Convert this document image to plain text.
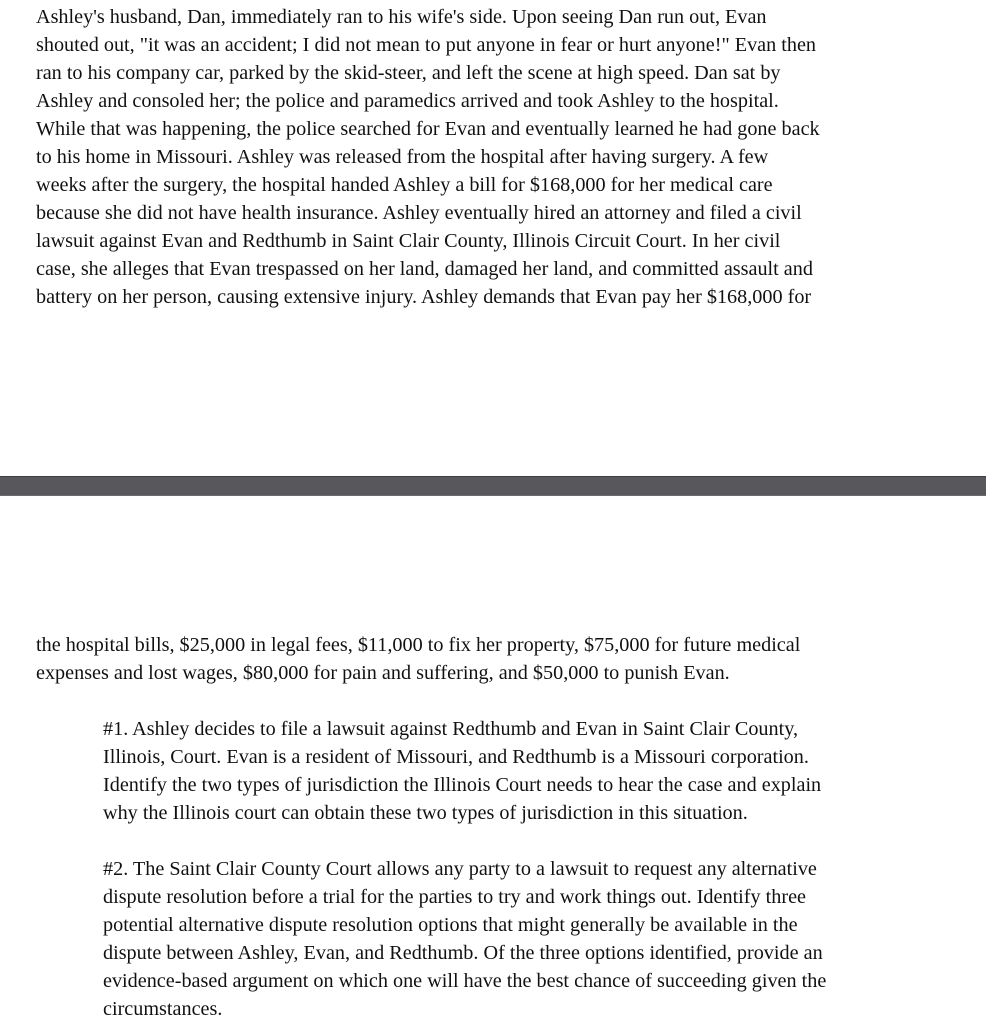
Ashley's husband, Dan, immediately ran to his wife's side. Upon seeing Dan run out, Evan
shouted out, "it was an accident; I did not mean to put anyone in fear or hurt anyone!" Evan then
ran to his company car, parked by the skid-steer, and left the scene at high speed. Dan sat by
Ashley and consoled her; the police and paramedics arrived and took Ashley to the hospital.
While that was happening, the police searched for Evan and eventually learned he had gone back
to his home in Missouri. Ashley was released from the hospital after having surgery. A few
weeks after the surgery, the hospital handed Ashley a bill for $168,000 for her medical care
because she did not have health insurance. Ashley eventually hired an attorney and filed a civil
lawsuit against Evan and Redthumb in Saint Clair County, Illinois Circuit Court. In her civil
case, she alleges that Evan trespassed on her land, damaged her land, and committed assault and
battery on her person, causing extensive injury. Ashley demands that Evan pay her $168,000 for
the hospital bills, $25,000 in legal fees, $11,000 to fix her property, $75,000 for future medical
expenses and lost wages, $80,000 for pain and suffering, and $50,000 to punish Evan.
#1. Ashley decides to file a lawsuit against Redthumb and Evan in Saint Clair County,
Illinois, Court. Evan is a resident of Missouri, and Redthumb is a Missouri corporation.
Identify the two types of jurisdiction the Illinois Court needs to hear the case and explain
why the Illinois court can obtain these two types of jurisdiction in this situation.
#2. The Saint Clair County Court allows any party to a lawsuit to request any alternative
dispute resolution before a trial for the parties to try and work things out. Identify three
potential alternative dispute resolution options that might generally be available in the
dispute between Ashley, Evan, and Redthumb. Of the three options identified, provide an
evidence-based argument on which one will have the best chance of succeeding given the
circumstances.
